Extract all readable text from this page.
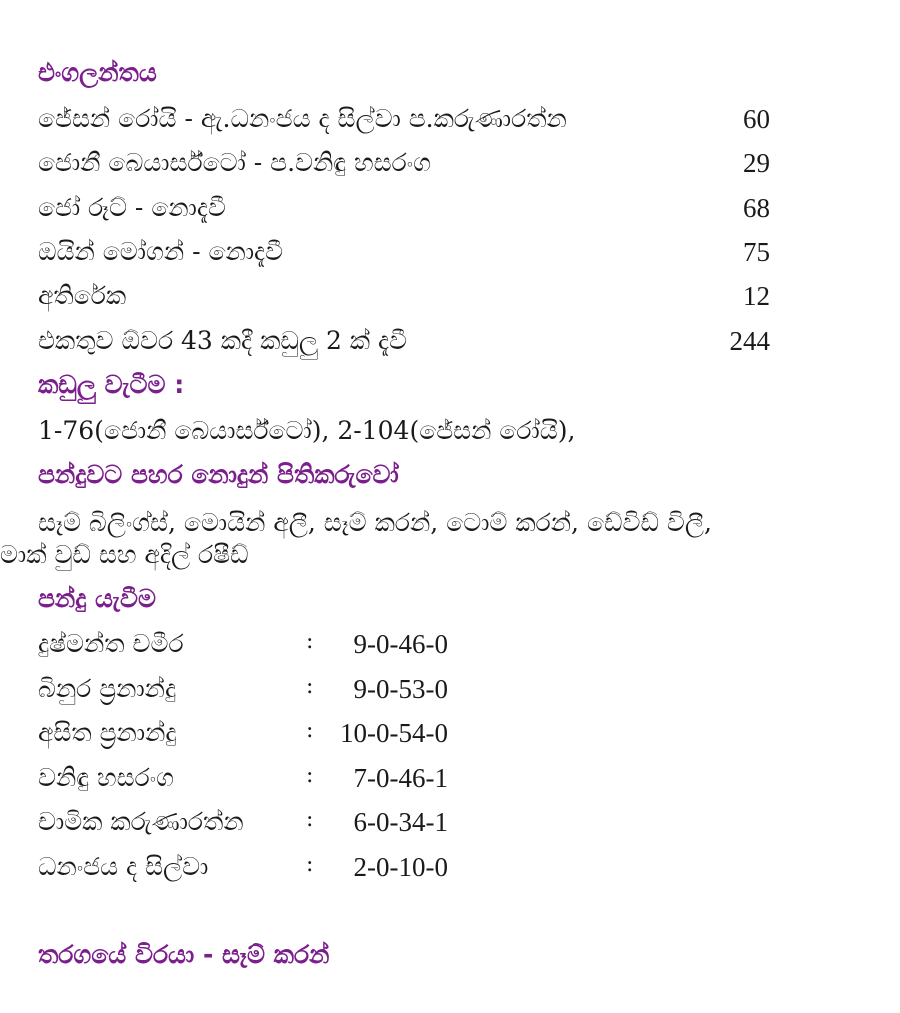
එංගලන්තය
ජේසන් රෝයි - ඇ.ධනංජය ද සිල්වා ප.කරුණාරත්න	60
ජොනී බෙයාර්ස්ටෝ - ප.වනිඳු හසරංග	29
ජෝ රූට් - නොදැවී	68
ඔයින් මෝගන් - නොදැවී	75
අතිරේක	12
එකතුව ඕවර 43 කදී කඩුලු 2 ක් දැවී	244
කඩුලු වැටීම :
1-76(ජොනී බෙයාර්ස්ටෝ), 2-104(ජේසන් රෝයි),
පන්දුවට පහර නොදුන් පිතිකරුවෝ
සෑම් බිලිංග්ස්, මොයින් අලී, සෑම් කරන්, ටොම් කරන්, ඩේවිඩ් විලී,
මාක් වුඩ් සහ අදිල් රෂීඩ්
පන්දු යැවීම
දුෂ්මන්ත චමීර	:	9-0-46-0
බිනුර ප්‍රනාන්දු	:	9-0-53-0
අසිත ප්‍රනාන්දු	: 10-0-54-0
වනිඳු හසරංග	:	7-0-46-1
චාමික කරුණාරත්න	:	6-0-34-1
ධනංජය ද සිල්වා	:	2-0-10-0
තරගයේ විරයා - සෑම් කරන්
